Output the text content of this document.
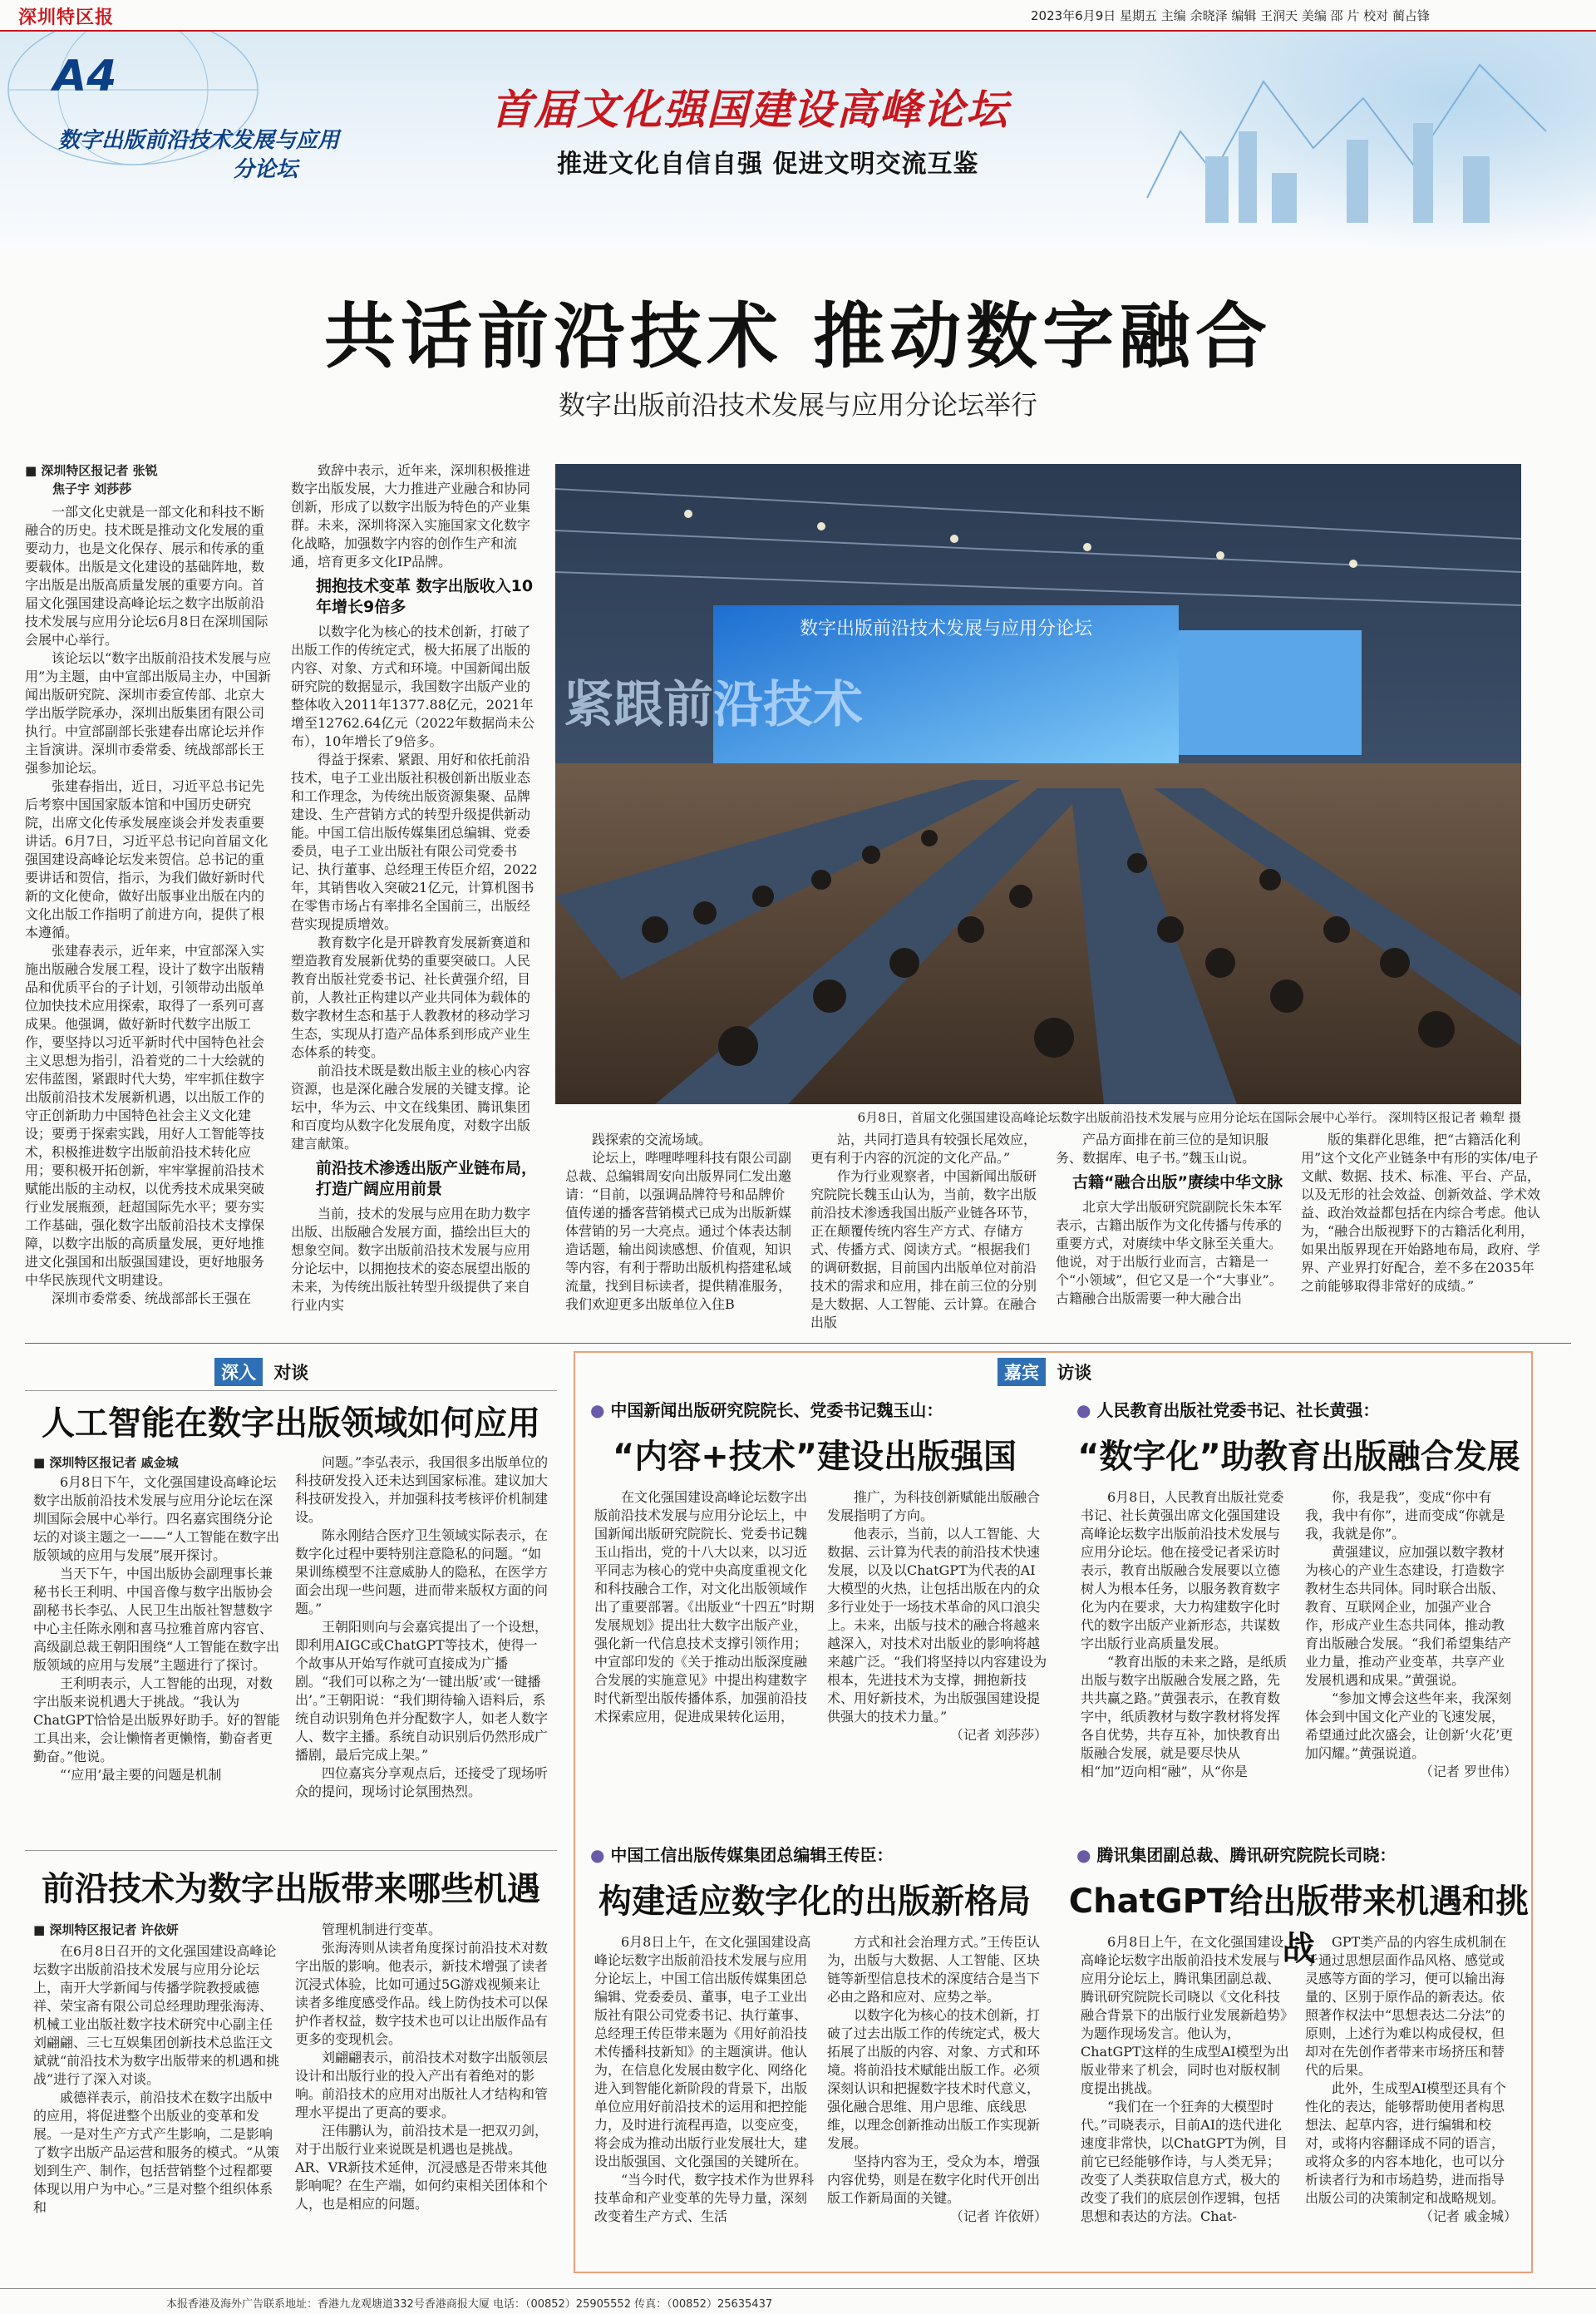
深圳特区报	2023年6月9日 星期五 主编 余晓泽 编辑 王润天 美编 邵 片 校对 蔺占锋
A4
数字出版前沿技术发展与应用
分论坛
首届文化强国建设高峰论坛
推进文化自信自强 促进文明交流互鉴
共话前沿技术 推动数字融合
数字出版前沿技术发展与应用分论坛举行
■ 深圳特区报记者 张锐
焦子宇 刘莎莎

一部文化史就是一部文化和科技不断融合的历史。技术既是推动文化发展的重要动力，也是文化保存、展示和传承的重要载体。出版是文化建设的基础阵地，数字出版是出版高质量发展的重要方向。首届文化强国建设高峰论坛之数字出版前沿技术发展与应用分论坛6月8日在深圳国际会展中心举行。

该论坛以“数字出版前沿技术发展与应用”为主题，由中宣部出版局主办，中国新闻出版研究院、深圳市委宣传部、北京大学出版学院承办，深圳出版集团有限公司执行。中宣部副部长张建春出席论坛并作主旨演讲。深圳市委常委、统战部部长王强参加论坛。

张建春指出，近日，习近平总书记先后考察中国国家版本馆和中国历史研究院，出席文化传承发展座谈会并发表重要讲话。6月7日，习近平总书记向首届文化强国建设高峰论坛发来贺信。总书记的重要讲话和贺信，指示，为我们做好新时代新的文化使命，做好出版事业出版在内的文化出版工作指明了前进方向，提供了根本遵循。

张建春表示，近年来，中宣部深入实施出版融合发展工程，设计了数字出版精品和优质平台的子计划，引领带动出版单位加快技术应用探索，取得了一系列可喜成果。他强调，做好新时代数字出版工作，要坚持以习近平新时代中国特色社会主义思想为指引，沿着党的二十大绘就的宏伟蓝图，紧跟时代大势，牢牢抓住数字出版前沿技术发展新机遇，以出版工作的守正创新助力中国特色社会主义文化建设；要勇于探索实践，用好人工智能等技术，积极推进数字出版前沿技术转化应用；要积极开拓创新，牢牢掌握前沿技术赋能出版的主动权，以优秀技术成果突破行业发展瓶颈，赶超国际先水平；要夯实工作基础，强化数字出版前沿技术支撑保障，以数字出版的高质量发展，更好地推进文化强国和出版强国建设，更好地服务中华民族现代文明建设。

深圳市委常委、统战部部长王强在

致辞中表示，近年来，深圳积极推进数字出版发展，大力推进产业融合和协同创新，形成了以数字出版为特色的产业集群。未来，深圳将深入实施国家文化数字化战略，加强数字内容的创作生产和流通，培育更多文化IP品牌。

拥抱技术变革 数字出版收入10年增长9倍多

以数字化为核心的技术创新，打破了出版工作的传统定式，极大拓展了出版的内容、对象、方式和环境。中国新闻出版研究院的数据显示，我国数字出版产业的整体收入2011年1377.88亿元，2021年增至12762.64亿元（2022年数据尚未公布），10年增长了9倍多。

得益于探索、紧跟、用好和依托前沿技术，电子工业出版社积极创新出版业态和工作理念，为传统出版资源集聚、品牌建设、生产营销方式的转型升级提供新动能。中国工信出版传媒集团总编辑、党委委员，电子工业出版社有限公司党委书记、执行董事、总经理王传臣介绍，2022年，其销售收入突破21亿元，计算机图书在零售市场占有率排名全国前三，出版经营实现提质增效。

教育数字化是开辟教育发展新赛道和塑造教育发展新优势的重要突破口。人民教育出版社党委书记、社长黄强介绍，目前，人教社正构建以产业共同体为载体的数字教材生态和基于人教教材的移动学习生态，实现从打造产品体系到形成产业生态体系的转变。

前沿技术既是数出版主业的核心内容资源，也是深化融合发展的关键支撑。论坛中，华为云、中文在线集团、腾讯集团和百度均从数字化发展角度，对数字出版建言献策。

前沿技术渗透出版产业链布局，打造广阔应用前景

当前，技术的发展与应用在助力数字出版、出版融合发展方面，描绘出巨大的想象空间。数字出版前沿技术发展与应用分论坛中，以拥抱技术的姿态展望出版的未来，为传统出版社转型升级提供了来自行业内实

数字出版前沿技术发展与应用分论坛
紧跟前沿技术
6月8日，首届文化强国建设高峰论坛数字出版前沿技术发展与应用分论坛在国际会展中心举行。 深圳特区报记者 赖犁 摄

践探索的交流场域。

论坛上，哔哩哔哩科技有限公司副总裁、总编辑周安向出版界同仁发出邀请：“目前，以强调品牌符号和品牌价值传递的播客营销模式已成为出版新媒体营销的另一大亮点。通过个体表达制造话题，输出阅读感想、价值观，知识等内容，有利于帮助出版机构搭建私域流量，找到目标读者，提供精准服务，我们欢迎更多出版单位入住B

站，共同打造具有较强长尾效应，更有利于内容的沉淀的文化产品。”

作为行业观察者，中国新闻出版研究院院长魏玉山认为，当前，数字出版前沿技术渗透我国出版产业链各环节，正在颠覆传统内容生产方式、存储方式、传播方式、阅读方式。“根据我们的调研数据，目前国内出版单位对前沿技术的需求和应用，排在前三位的分别是大数据、人工智能、云计算。在融合出版

产品方面排在前三位的是知识服务、数据库、电子书。”魏玉山说。

古籍“融合出版”赓续中华文脉

北京大学出版研究院副院长朱本军表示，古籍出版作为文化传播与传承的重要方式，对赓续中华文脉至关重大。他说，对于出版行业而言，古籍是一个“小领域”，但它又是一个“大事业”。古籍融合出版需要一种大融合出

版的集群化思维，把“古籍活化利用”这个文化产业链条中有形的实体/电子文献、数据、技术、标准、平台、产品，以及无形的社会效益、创新效益、学术效益、政治效益都包括在内综合考虑。他认为，“融合出版视野下的古籍活化利用，如果出版界现在开始路地布局，政府、学界、产业界打好配合，差不多在2035年之前能够取得非常好的成绩。”

深入 对谈
人工智能在数字出版领域如何应用
■ 深圳特区报记者 戚金城

6月8日下午，文化强国建设高峰论坛数字出版前沿技术发展与应用分论坛在深圳国际会展中心举行。四名嘉宾围绕分论坛的对谈主题之一——“人工智能在数字出版领域的应用与发展”展开探讨。

当天下午，中国出版协会副理事长兼秘书长王利明、中国音像与数字出版协会副秘书长李弘、人民卫生出版社智慧数字中心主任陈永刚和喜马拉雅首席内容官、高级副总裁王朝阳围绕“人工智能在数字出版领域的应用与发展”主题进行了探讨。

王利明表示，人工智能的出现，对数字出版来说机遇大于挑战。“我认为ChatGPT恰恰是出版界好助手。好的智能工具出来，会让懒惰者更懒惰，勤奋者更勤奋。”他说。

“‘应用’最主要的问题是机制

问题。”李弘表示，我国很多出版单位的科技研发投入还未达到国家标准。建议加大科技研发投入，并加强科技考核评价机制建设。

陈永刚结合医疗卫生领域实际表示，在数字化过程中要特别注意隐私的问题。“如果训练模型不注意威胁人的隐私，在医学方面会出现一些问题，进而带来版权方面的问题。”

王朝阳则向与会嘉宾提出了一个设想，即利用AIGC或ChatGPT等技术，使得一个故事从开始写作就可直接成为广播剧。“我们可以称之为‘一键出版’或‘一键播出’。”王朝阳说：“我们期待输入语料后，系统自动识别角色并分配数字人，如老人数字人、数字主播。系统自动识别后仍然形成广播剧，最后完成上架。”

四位嘉宾分享观点后，还接受了现场听众的提问，现场讨论氛围热烈。

前沿技术为数字出版带来哪些机遇
■ 深圳特区报记者 许依妍

在6月8日召开的文化强国建设高峰论坛数字出版前沿技术发展与应用分论坛上，南开大学新闻与传播学院教授戚德祥、荣宝斋有限公司总经理助理张海涛、机械工业出版社数字技术研究中心副主任刘翩翩、三七互娱集团创新技术总监汪文斌就“前沿技术为数字出版带来的机遇和挑战”进行了深入对谈。

戚德祥表示，前沿技术在数字出版中的应用，将促进整个出版业的变革和发展。一是对生产方式产生影响，二是影响了数字出版产品运营和服务的模式。“从策划到生产、制作，包括营销整个过程都要体现以用户为中心。”三是对整个组织体系和

管理机制进行变革。

张海涛则从读者角度探讨前沿技术对数字出版的影响。他表示，新技术增强了读者沉浸式体验，比如可通过5G游戏视频来让读者多维度感受作品。线上防伪技术可以保护作者权益，数字技术也可以让出版作品有更多的变现机会。

刘翩翩表示，前沿技术对数字出版领层设计和出版行业的投入产出有着绝对的影响。前沿技术的应用对出版社人才结构和管理水平提出了更高的要求。

汪伟鹏认为，前沿技术是一把双刃剑，对于出版行业来说既是机遇也是挑战。AR、VR新技术延伸，沉浸感是否带来其他影响呢？在生产端，如何约束相关团体和个人，也是相应的问题。

嘉宾 访谈
● 中国新闻出版研究院院长、党委书记魏玉山：
“内容+技术”建设出版强国

在文化强国建设高峰论坛数字出版前沿技术发展与应用分论坛上，中国新闻出版研究院院长、党委书记魏玉山指出，党的十八大以来，以习近平同志为核心的党中央高度重视文化和科技融合工作，对文化出版领域作出了重要部署。《出版业“十四五”时期发展规划》提出壮大数字出版产业，强化新一代信息技术支撑引领作用；中宣部印发的《关于推动出版深度融合发展的实施意见》中提出构建数字时代新型出版传播体系，加强前沿技术探索应用，促进成果转化运用，

推广，为科技创新赋能出版融合发展指明了方向。

他表示，当前，以人工智能、大数据、云计算为代表的前沿技术快速发展，以及以ChatGPT为代表的AI大模型的火热，让包括出版在内的众多行业处于一场技术革命的风口浪尖上。未来，出版与技术的融合将越来越深入，对技术对出版业的影响将越来越广泛。“我们将坚持以内容建设为根本，先进技术为支撑，拥抱新技术、用好新技术，为出版强国建设提供强大的技术力量。”

（记者 刘莎莎）
● 人民教育出版社党委书记、社长黄强：
“数字化”助教育出版融合发展

6月8日，人民教育出版社党委书记、社长黄强出席文化强国建设高峰论坛数字出版前沿技术发展与应用分论坛。他在接受记者采访时表示，教育出版融合发展要以立德树人为根本任务，以服务教育数字化为内在要求，大力构建数字化时代的数字出版产业新形态，共谋数字出版行业高质量发展。

“教育出版的未来之路，是纸质出版与数字出版融合发展之路，先共共赢之路。”黄强表示，在教育数字中，纸质教材与数字教材将发挥各自优势，共存互补，加快教育出版融合发展，就是要尽快从相“加”迈向相“融”，从“你是

你，我是我”，变成“你中有我，我中有你”，进而变成“你就是我，我就是你”。

黄强建议，应加强以数字教材为核心的产业生态建设，打造数字教材生态共同体。同时联合出版、教育、互联网企业，加强产业合作，形成产业生态共同体，推动教育出版融合发展。“我们希望集结产业力量，推动产业变革，共享产业发展机遇和成果。”黄强说。

“参加文博会这些年来，我深刻体会到中国文化产业的飞速发展，希望通过此次盛会，让创新‘火花’更加闪耀。”黄强说道。

（记者 罗世伟）
● 中国工信出版传媒集团总编辑王传臣：
构建适应数字化的出版新格局

6月8日上午，在文化强国建设高峰论坛数字出版前沿技术发展与应用分论坛上，中国工信出版传媒集团总编辑、党委委员、董事，电子工业出版社有限公司党委书记、执行董事、总经理王传臣带来题为《用好前沿技术传播科技新知》的主题演讲。他认为，在信息化发展由数字化、网络化进入到智能化新阶段的背景下，出版单位应用好前沿技术的运用和把控能力，及时进行流程再造，以变应变，将会成为推动出版行业发展壮大，建设出版强国、文化强国的关键所在。

“当今时代，数字技术作为世界科技革命和产业变革的先导力量，深刻改变着生产方式、生活

方式和社会治理方式。”王传臣认为，出版与大数据、人工智能、区块链等新型信息技术的深度结合是当下必由之路和应对、应势之举。

以数字化为核心的技术创新，打破了过去出版工作的传统定式，极大拓展了出版的内容、对象、方式和环境。将前沿技术赋能出版工作。必须深刻认识和把握数字技术时代意义，强化融合思维、用户思维、底线思维，以理念创新推动出版工作实现新发展。

坚持内容为王，受众为本，增强内容优势，则是在数字化时代开创出版工作新局面的关键。

（记者 许依妍）
● 腾讯集团副总裁、腾讯研究院院长司晓：
ChatGPT给出版带来机遇和挑战

6月8日上午，在文化强国建设高峰论坛数字出版前沿技术发展与应用分论坛上，腾讯集团副总裁、腾讯研究院院长司晓以《文化科技融合背景下的出版行业发展新趋势》为题作现场发言。他认为，ChatGPT这样的生成型AI模型为出版业带来了机会，同时也对版权制度提出挑战。

“我们在一个狂奔的大模型时代。”司晓表示，目前AI的迭代进化速度非常快，以ChatGPT为例，目前它已经能够作诗，与人类无异；改变了人类获取信息方式，极大的改变了我们的底层创作逻辑，包括思想和表达的方法。Chat-

GPT类产品的内容生成机制在于通过思想层面作品风格、感觉或灵感等方面的学习，便可以输出海量的、区别于原作品的新表达。依照著作权法中“思想表达二分法”的原则，上述行为难以构成侵权，但却对在先创作者带来市场挤压和替代的后果。

此外，生成型AI模型还具有个性化的表达，能够帮助使用者构思想法、起草内容，进行编辑和校对，或将内容翻译成不同的语言，或将众多的内容本地化，也可以分析读者行为和市场趋势，进而指导出版公司的决策制定和战略规划。

（记者 戚金城）
本报香港及海外广告联系地址：香港九龙观塘道332号香港商报大厦 电话：（00852）25905552 传真：（00852）25635437
